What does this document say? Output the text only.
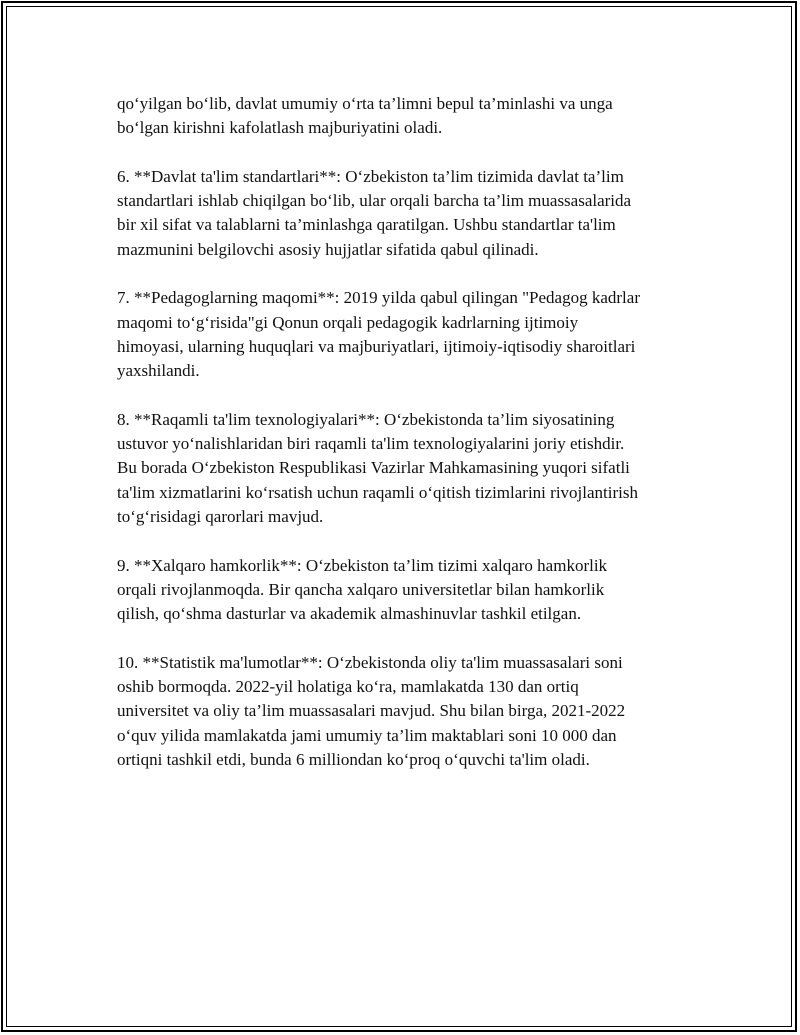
qo‘yilgan bo‘lib, davlat umumiy o‘rta ta’limni bepul ta’minlashi va unga
bo‘lgan kirishni kafolatlash majburiyatini oladi.

6. **Davlat ta'lim standartlari**: O‘zbekiston ta’lim tizimida davlat ta’lim
standartlari ishlab chiqilgan bo‘lib, ular orqali barcha ta’lim muassasalarida
bir xil sifat va talablarni ta’minlashga qaratilgan. Ushbu standartlar ta'lim
mazmunini belgilovchi asosiy hujjatlar sifatida qabul qilinadi.

7. **Pedagoglarning maqomi**: 2019 yilda qabul qilingan "Pedagog kadrlar
maqomi to‘g‘risida"gi Qonun orqali pedagogik kadrlarning ijtimoiy
himoyasi, ularning huquqlari va majburiyatlari, ijtimoiy-iqtisodiy sharoitlari
yaxshilandi.

8. **Raqamli ta'lim texnologiyalari**: O‘zbekistonda ta’lim siyosatining
ustuvor yo‘nalishlaridan biri raqamli ta'lim texnologiyalarini joriy etishdir.
Bu borada O‘zbekiston Respublikasi Vazirlar Mahkamasining yuqori sifatli
ta'lim xizmatlarini ko‘rsatish uchun raqamli o‘qitish tizimlarini rivojlantirish
to‘g‘risidagi qarorlari mavjud.

9. **Xalqaro hamkorlik**: O‘zbekiston ta’lim tizimi xalqaro hamkorlik
orqali rivojlanmoqda. Bir qancha xalqaro universitetlar bilan hamkorlik
qilish, qo‘shma dasturlar va akademik almashinuvlar tashkil etilgan.

10. **Statistik ma'lumotlar**: O‘zbekistonda oliy ta'lim muassasalari soni
oshib bormoqda. 2022-yil holatiga ko‘ra, mamlakatda 130 dan ortiq
universitet va oliy ta’lim muassasalari mavjud. Shu bilan birga, 2021-2022
o‘quv yilida mamlakatda jami umumiy ta’lim maktablari soni 10 000 dan
ortiqni tashkil etdi, bunda 6 milliondan ko‘proq o‘quvchi ta'lim oladi.
